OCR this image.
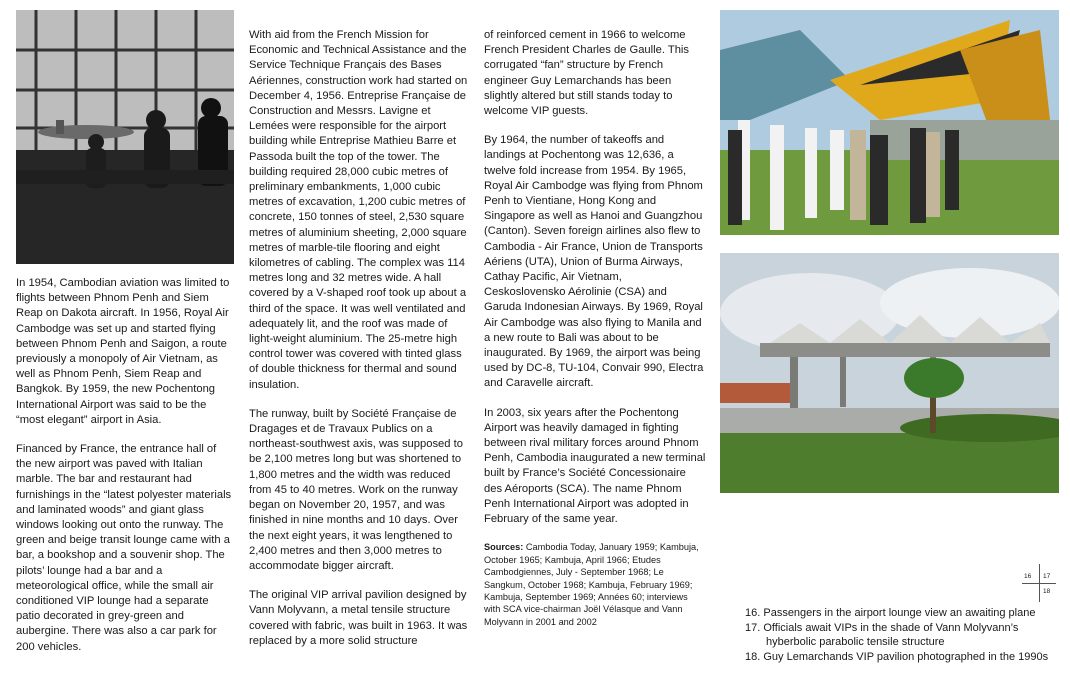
In 1954, Cambodian aviation was limited to flights between Phnom Penh and Siem Reap on Dakota aircraft. In 1956, Royal Air Cambodge was set up and started flying between Phnom Penh and Saigon, a route previously a monopoly of Air Vietnam, as well as Phnom Penh, Siem Reap and Bangkok. By 1959, the new Pochentong International Airport was said to be the “most elegant” airport in Asia.

Financed by France, the entrance hall of the new airport was paved with Italian marble. The bar and restaurant had furnishings in the “latest polyester materials and laminated woods” and giant glass windows looking out onto the runway. The green and beige transit lounge came with a bar, a bookshop and a souvenir shop. The pilots’ lounge had a bar and a meteorological office, while the small air conditioned VIP lounge had a separate patio decorated in grey-green and aubergine. There was also a car park for 200 vehicles.

With aid from the French Mission for Economic and Technical Assistance and the Service Technique Français des Bases Aériennes, construction work had started on December 4, 1956. Entreprise Française de Construction and Messrs. Lavigne et Lemées were responsible for the airport building while Entreprise Mathieu Barre et Passoda built the top of the tower. The building required 28,000 cubic metres of preliminary embankments, 1,000 cubic metres of excavation, 1,200 cubic metres of concrete, 150 tonnes of steel, 2,530 square metres of aluminium sheeting, 2,000 square metres of marble-tile flooring and eight kilometres of cabling. The complex was 114 metres long and 32 metres wide. A hall covered by a V-shaped roof took up about a third of the space. It was well ventilated and adequately lit, and the roof was made of light-weight aluminium. The 25-metre high control tower was covered with tinted glass of double thickness for thermal and sound insulation.

The runway, built by Société Française de Dragages et de Travaux Publics on a northeast-southwest axis, was supposed to be 2,100 metres long but was shortened to 1,800 metres and the width was reduced from 45 to 40 metres. Work on the runway began on November 20, 1957, and was finished in nine months and 10 days. Over the next eight years, it was lengthened to 2,400 metres and then 3,000 metres to accommodate bigger aircraft.

The original VIP arrival pavilion designed by Vann Molyvann, a metal tensile structure covered with fabric, was built in 1963. It was replaced by a more solid structure

of reinforced cement in 1966 to welcome French President Charles de Gaulle. This corrugated “fan” structure by French engineer Guy Lemarchands has been slightly altered but still stands today to welcome VIP guests.

By 1964, the number of takeoffs and landings at Pochentong was 12,636, a twelve fold increase from 1954. By 1965, Royal Air Cambodge was flying from Phnom Penh to Vientiane, Hong Kong and Singapore as well as Hanoi and Guangzhou (Canton). Seven foreign airlines also flew to Cambodia - Air France, Union de Transports Aériens (UTA), Union of Burma Airways, Cathay Pacific, Air Vietnam, Ceskoslovensko Aérolinie (CSA) and Garuda Indonesian Airways. By 1969, Royal Air Cambodge was also flying to Manila and a new route to Bali was about to be inaugurated. By 1969, the airport was being used by DC-8, TU-104, Convair 990, Electra and Caravelle aircraft.

In 2003, six years after the Pochentong Airport was heavily damaged in fighting between rival military forces around Phnom Penh, Cambodia inaugurated a new terminal built by France’s Société Concessionaire des Aéroports (SCA). The name Phnom Penh International Airport was adopted in February of the same year.

Sources: Cambodia Today, January 1959; Kambuja, October 1965; Kambuja, April 1966; Etudes Cambodgiennes, July - September 1968; Le Sangkum, October 1968; Kambuja, February 1969; Kambuja, September 1969; Années 60; interviews with SCA vice-chairman Joël Vélasque and Vann Molyvann in 2001 and 2002
16 17
18
16. Passengers in the airport lounge view an awaiting plane
17. Officials await VIPs in the shade of Vann Molyvann’s
hyberbolic parabolic tensile structure
18. Guy Lemarchands VIP pavilion photographed in the 1990s
